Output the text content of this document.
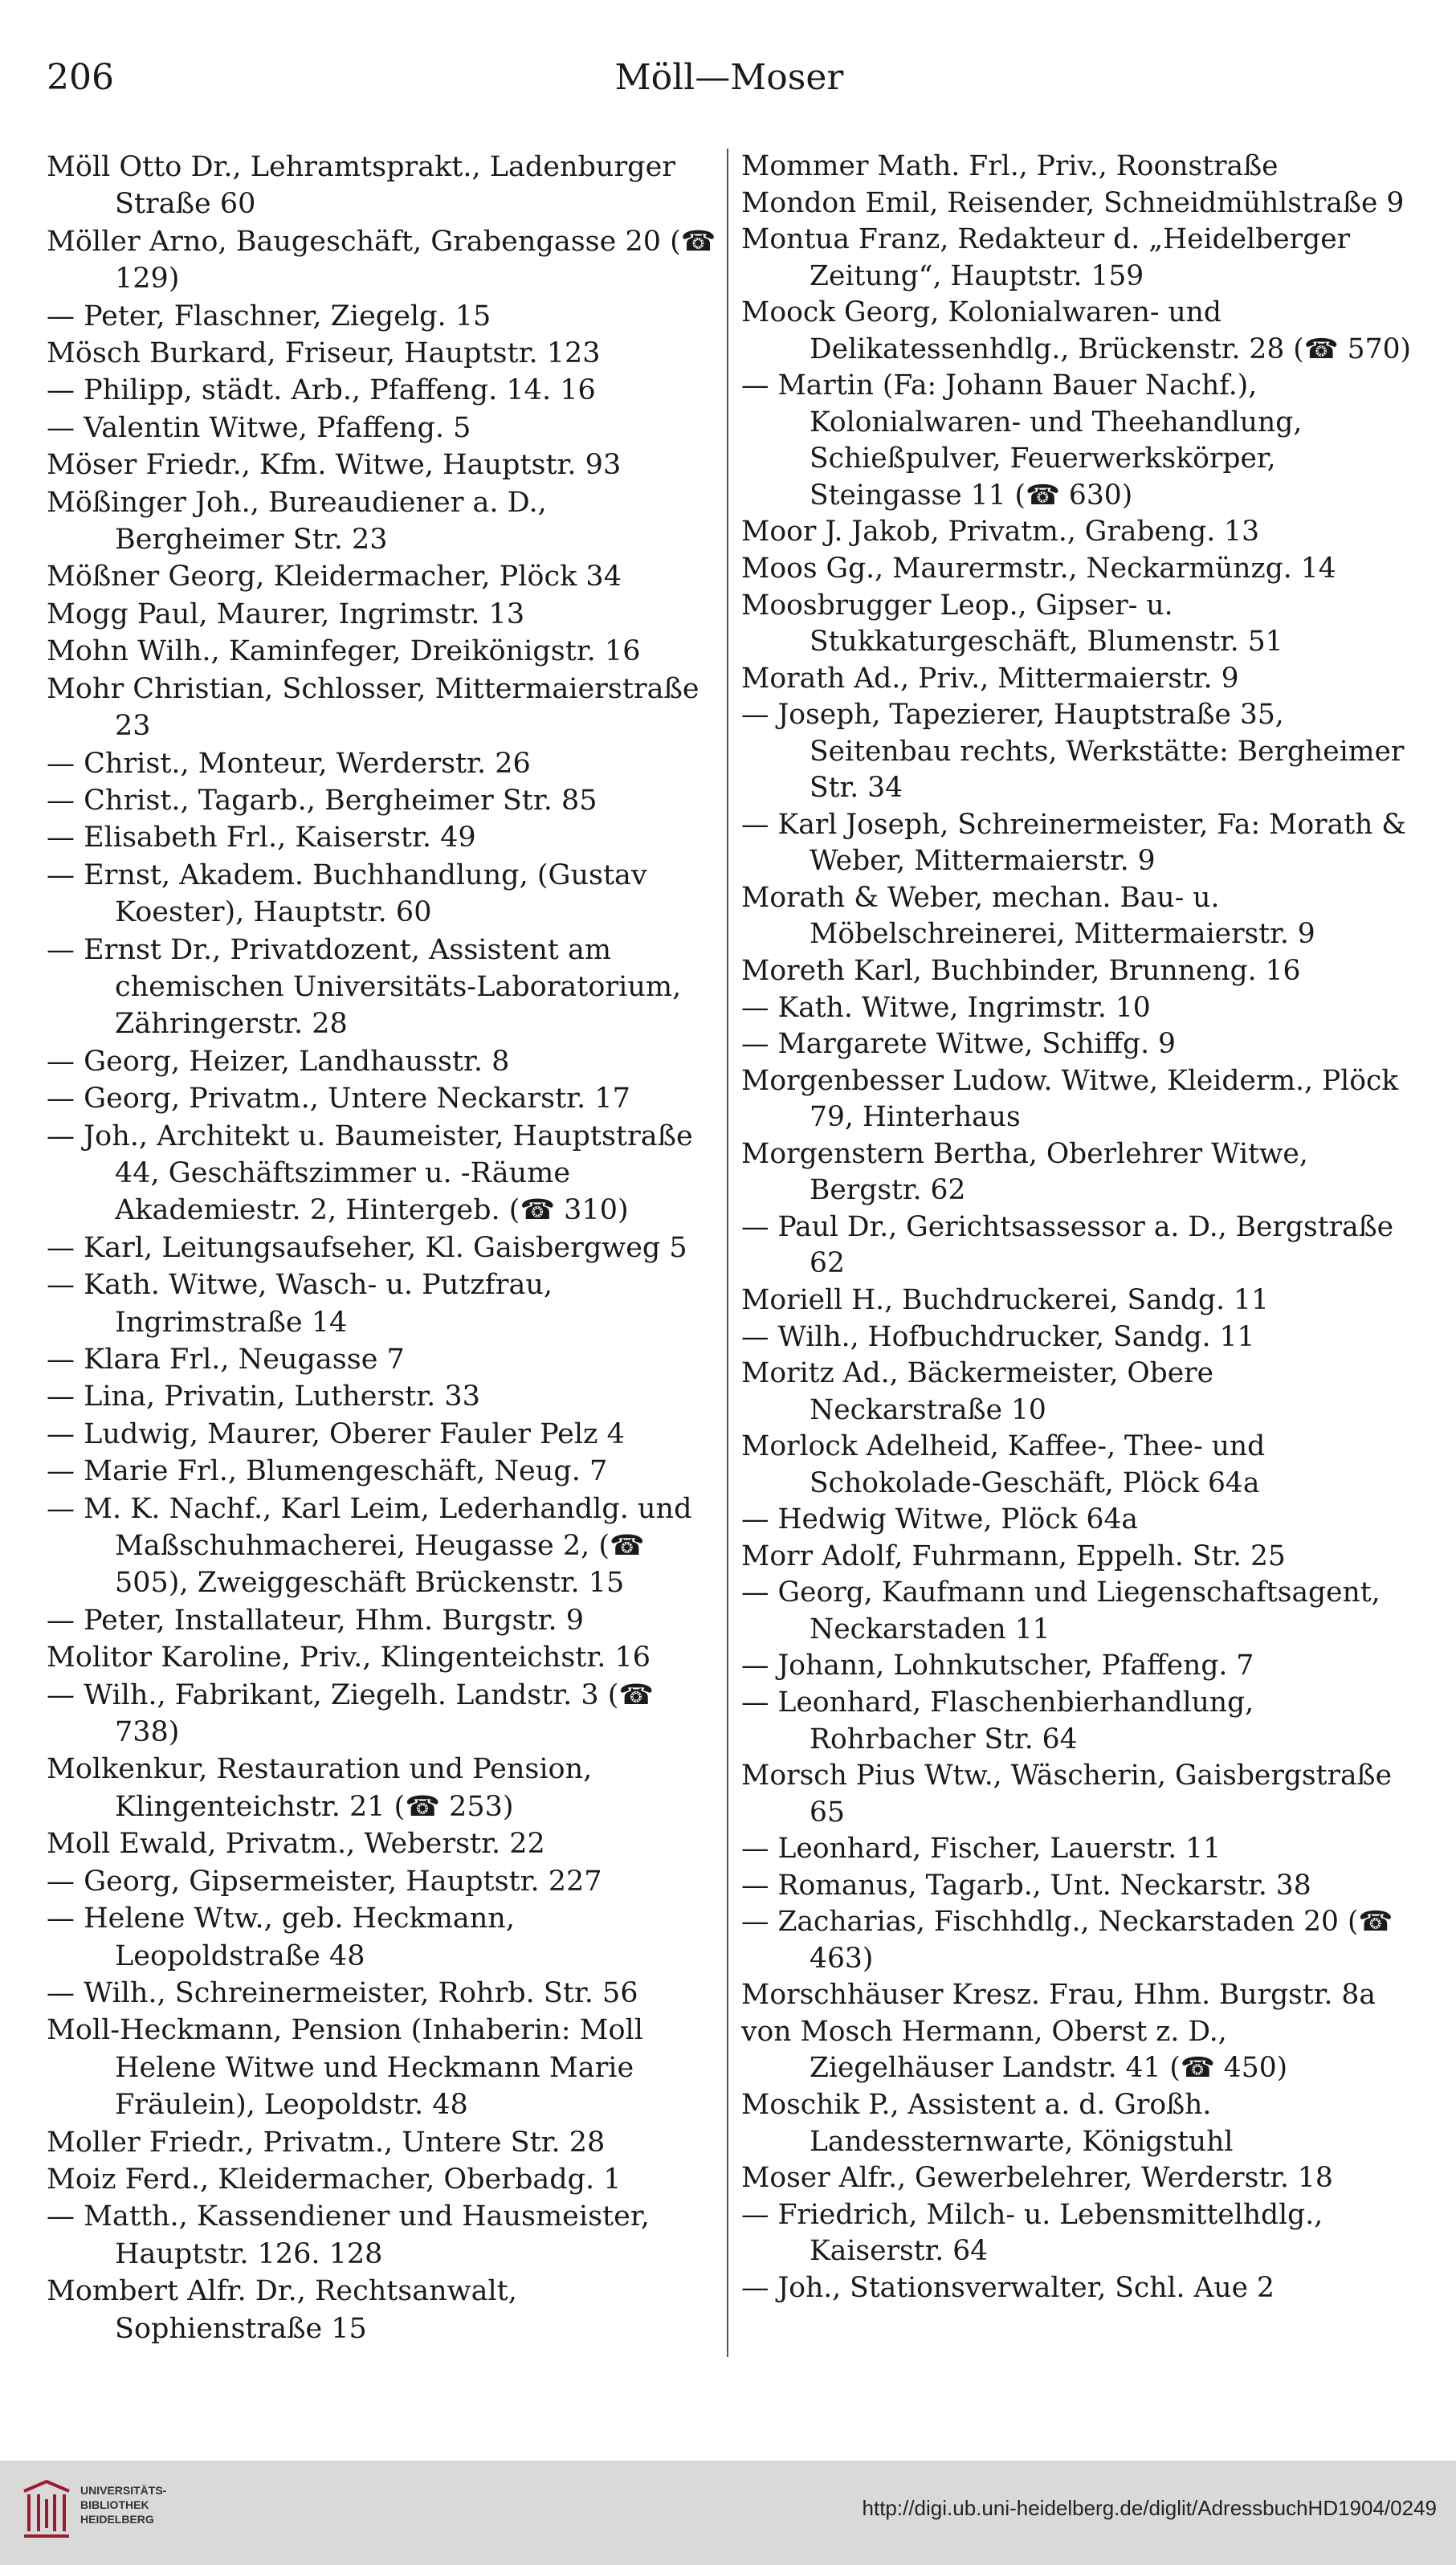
206	Möll—Moser

Möll Otto Dr., Lehramtsprakt., Ladenburger Straße 60

Möller Arno, Baugeschäft, Grabengasse 20 (☎ 129)

— Peter, Flaschner, Ziegelg. 15

Mösch Burkard, Friseur, Hauptstr. 123

— Philipp, städt. Arb., Pfaffeng. 14. 16

— Valentin Witwe, Pfaffeng. 5

Möser Friedr., Kfm. Witwe, Hauptstr. 93

Mößinger Joh., Bureaudiener a. D., Bergheimer Str. 23

Mößner Georg, Kleidermacher, Plöck 34

Mogg Paul, Maurer, Ingrimstr. 13

Mohn Wilh., Kaminfeger, Dreikönigstr. 16

Mohr Christian, Schlosser, Mittermaierstraße 23

— Christ., Monteur, Werderstr. 26

— Christ., Tagarb., Bergheimer Str. 85

— Elisabeth Frl., Kaiserstr. 49

— Ernst, Akadem. Buchhandlung, (Gustav Koester), Hauptstr. 60

— Ernst Dr., Privatdozent, Assistent am chemischen Universitäts-Laboratorium, Zähringerstr. 28

— Georg, Heizer, Landhausstr. 8

— Georg, Privatm., Untere Neckarstr. 17

— Joh., Architekt u. Baumeister, Hauptstraße 44, Geschäftszimmer u. -Räume Akademiestr. 2, Hintergeb. (☎ 310)

— Karl, Leitungsaufseher, Kl. Gaisbergweg 5

— Kath. Witwe, Wasch- u. Putzfrau, Ingrimstraße 14

— Klara Frl., Neugasse 7

— Lina, Privatin, Lutherstr. 33

— Ludwig, Maurer, Oberer Fauler Pelz 4

— Marie Frl., Blumengeschäft, Neug. 7

— M. K. Nachf., Karl Leim, Lederhandlg. und Maßschuhmacherei, Heugasse 2, (☎ 505), Zweiggeschäft Brückenstr. 15

— Peter, Installateur, Hhm. Burgstr. 9

Molitor Karoline, Priv., Klingenteichstr. 16

— Wilh., Fabrikant, Ziegelh. Landstr. 3 (☎ 738)

Molkenkur, Restauration und Pension, Klingenteichstr. 21 (☎ 253)

Moll Ewald, Privatm., Weberstr. 22

— Georg, Gipsermeister, Hauptstr. 227

— Helene Wtw., geb. Heckmann, Leopoldstraße 48

— Wilh., Schreinermeister, Rohrb. Str. 56

Moll-Heckmann, Pension (Inhaberin: Moll Helene Witwe und Heckmann Marie Fräulein), Leopoldstr. 48

Moller Friedr., Privatm., Untere Str. 28

Moiz Ferd., Kleidermacher, Oberbadg. 1

— Matth., Kassendiener und Hausmeister, Hauptstr. 126. 128

Mombert Alfr. Dr., Rechtsanwalt, Sophienstraße 15

Mommer Math. Frl., Priv., Roonstraße

Mondon Emil, Reisender, Schneidmühlstraße 9

Montua Franz, Redakteur d. „Heidelberger Zeitung“, Hauptstr. 159

Moock Georg, Kolonialwaren- und Delikatessenhdlg., Brückenstr. 28 (☎ 570)

— Martin (Fa: Johann Bauer Nachf.), Kolonialwaren- und Theehandlung, Schießpulver, Feuerwerkskörper, Steingasse 11 (☎ 630)

Moor J. Jakob, Privatm., Grabeng. 13

Moos Gg., Maurermstr., Neckarmünzg. 14

Moosbrugger Leop., Gipser- u. Stukkaturgeschäft, Blumenstr. 51

Morath Ad., Priv., Mittermaierstr. 9

— Joseph, Tapezierer, Hauptstraße 35, Seitenbau rechts, Werkstätte: Bergheimer Str. 34

— Karl Joseph, Schreinermeister, Fa: Morath & Weber, Mittermaierstr. 9

Morath & Weber, mechan. Bau- u. Möbelschreinerei, Mittermaierstr. 9

Moreth Karl, Buchbinder, Brunneng. 16

— Kath. Witwe, Ingrimstr. 10

— Margarete Witwe, Schiffg. 9

Morgenbesser Ludow. Witwe, Kleiderm., Plöck 79, Hinterhaus

Morgenstern Bertha, Oberlehrer Witwe, Bergstr. 62

— Paul Dr., Gerichtsassessor a. D., Bergstraße 62

Moriell H., Buchdruckerei, Sandg. 11

— Wilh., Hofbuchdrucker, Sandg. 11

Moritz Ad., Bäckermeister, Obere Neckarstraße 10

Morlock Adelheid, Kaffee-, Thee- und Schokolade-Geschäft, Plöck 64a

— Hedwig Witwe, Plöck 64a

Morr Adolf, Fuhrmann, Eppelh. Str. 25

— Georg, Kaufmann und Liegenschaftsagent, Neckarstaden 11

— Johann, Lohnkutscher, Pfaffeng. 7

— Leonhard, Flaschenbierhandlung, Rohrbacher Str. 64

Morsch Pius Wtw., Wäscherin, Gaisbergstraße 65

— Leonhard, Fischer, Lauerstr. 11

— Romanus, Tagarb., Unt. Neckarstr. 38

— Zacharias, Fischhdlg., Neckarstaden 20 (☎ 463)

Morschhäuser Kresz. Frau, Hhm. Burgstr. 8a

von Mosch Hermann, Oberst z. D., Ziegelhäuser Landstr. 41 (☎ 450)

Moschik P., Assistent a. d. Großh. Landessternwarte, Königstuhl

Moser Alfr., Gewerbelehrer, Werderstr. 18

— Friedrich, Milch- u. Lebensmittelhdlg., Kaiserstr. 64

— Joh., Stationsverwalter, Schl. Aue 2

UNIVERSITÄTS-
BIBLIOTHEK
HEIDELBERG	http://digi.ub.uni-heidelberg.de/diglit/AdressbuchHD1904/0249
